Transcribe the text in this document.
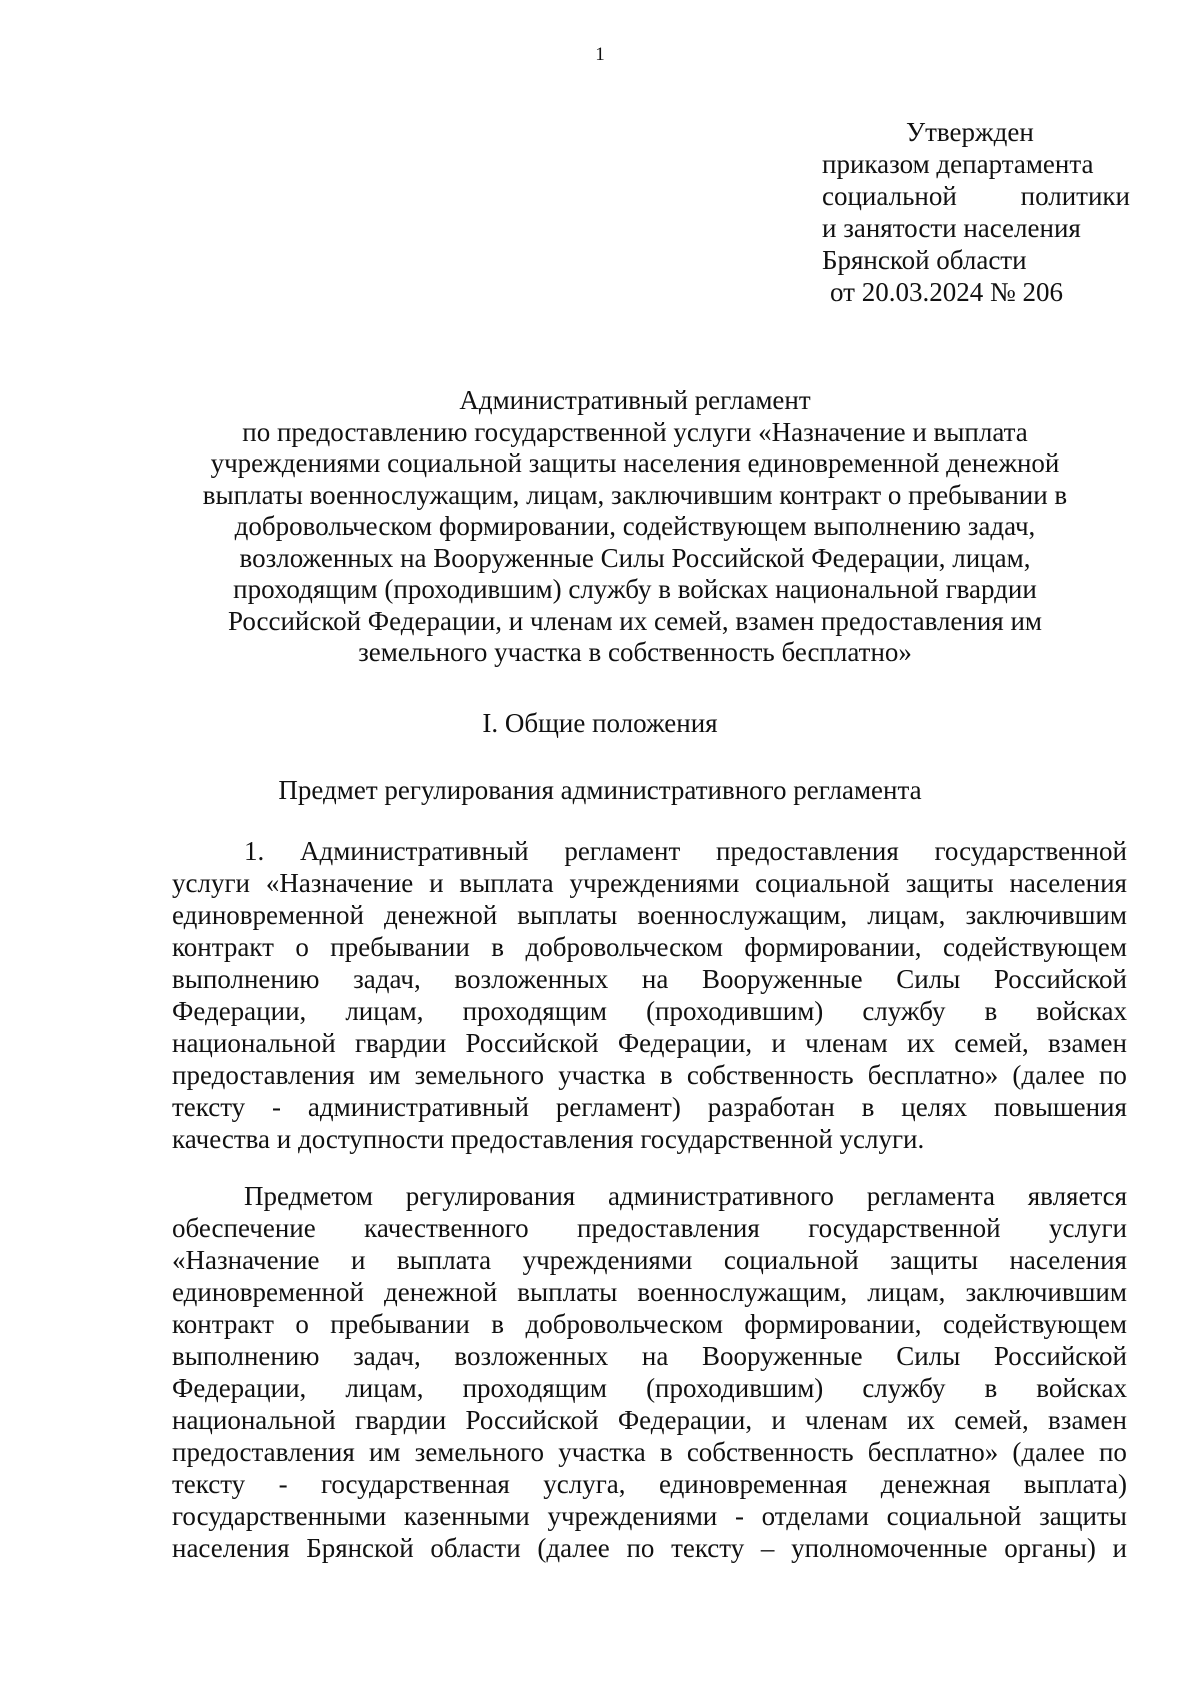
1
Утвержден
приказом департамента
социальной политики
и занятости населения
Брянской области
от 20.03.2024 № 206
Административный регламент
по предоставлению государственной услуги «Назначение и выплата
учреждениями социальной защиты населения единовременной денежной
выплаты военнослужащим, лицам, заключившим контракт о пребывании в
добровольческом формировании, содействующем выполнению задач,
возложенных на Вооруженные Силы Российской Федерации, лицам,
проходящим (проходившим) службу в войсках национальной гвардии
Российской Федерации, и членам их семей, взамен предоставления им
земельного участка в собственность бесплатно»
I. Общие положения
Предмет регулирования административного регламента
1. Административный регламент предоставления государственной
услуги «Назначение и выплата учреждениями социальной защиты населения
единовременной денежной выплаты военнослужащим, лицам, заключившим
контракт о пребывании в добровольческом формировании, содействующем
выполнению задач, возложенных на Вооруженные Силы Российской
Федерации, лицам, проходящим (проходившим) службу в войсках
национальной гвардии Российской Федерации, и членам их семей, взамен
предоставления им земельного участка в собственность бесплатно» (далее по
тексту - административный регламент) разработан в целях повышения
качества и доступности предоставления государственной услуги.
Предметом регулирования административного регламента является
обеспечение качественного предоставления государственной услуги
«Назначение и выплата учреждениями социальной защиты населения
единовременной денежной выплаты военнослужащим, лицам, заключившим
контракт о пребывании в добровольческом формировании, содействующем
выполнению задач, возложенных на Вооруженные Силы Российской
Федерации, лицам, проходящим (проходившим) службу в войсках
национальной гвардии Российской Федерации, и членам их семей, взамен
предоставления им земельного участка в собственность бесплатно» (далее по
тексту - государственная услуга, единовременная денежная выплата)
государственными казенными учреждениями - отделами социальной защиты
населения Брянской области (далее по тексту – уполномоченные органы) и
